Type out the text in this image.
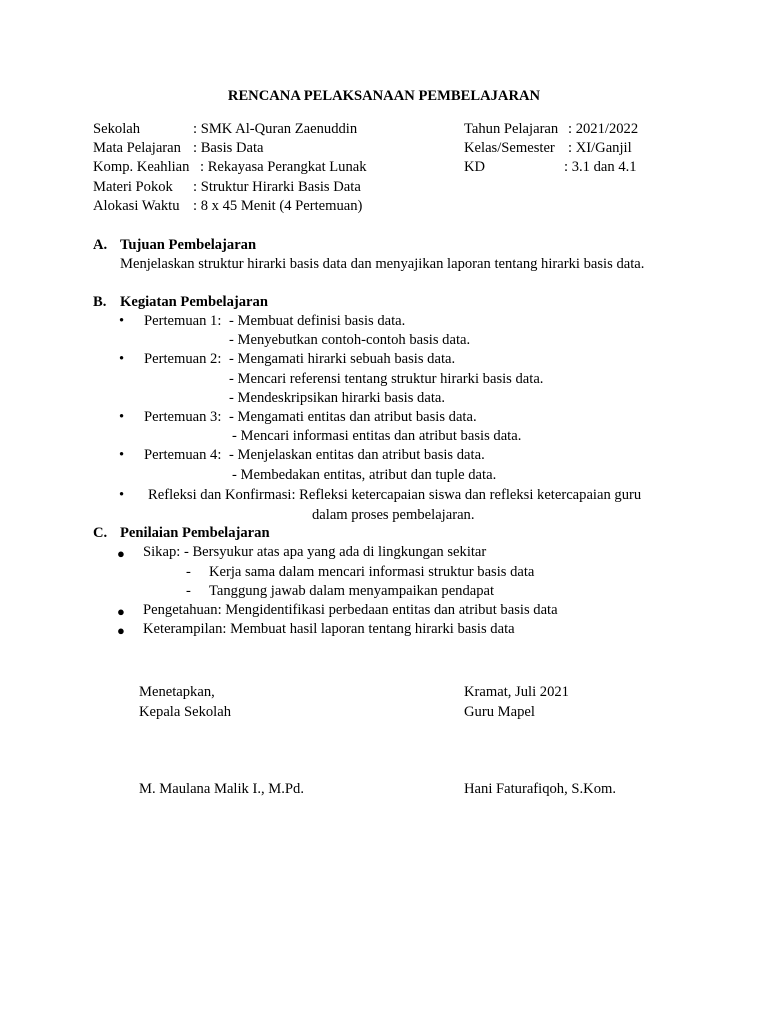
RENCANA PELAKSANAAN PEMBELAJARAN
Sekolah	: SMK Al-Quran Zaenuddin
Mata Pelajaran : Basis Data
Komp. Keahlian : Rekayasa Perangkat Lunak
Materi Pokok : Struktur Hirarki Basis Data
Alokasi Waktu : 8 x 45 Menit (4 Pertemuan)
Tahun Pelajaran : 2021/2022
Kelas/Semester : XI/Ganjil
KD	: 3.1 dan 4.1
A. Tujuan Pembelajaran
Menjelaskan struktur hirarki basis data dan menyajikan laporan tentang hirarki basis data.
B. Kegiatan Pembelajaran
• Pertemuan 1: - Membuat definisi basis data.
- Menyebutkan contoh-contoh basis data.
• Pertemuan 2: - Mengamati hirarki sebuah basis data.
- Mencari referensi tentang struktur hirarki basis data.
- Mendeskripsikan hirarki basis data.
• Pertemuan 3: - Mengamati entitas dan atribut basis data.
- Mencari informasi entitas dan atribut basis data.
• Pertemuan 4: - Menjelaskan entitas dan atribut basis data.
- Membedakan entitas, atribut dan tuple data.
• Refleksi dan Konfirmasi: Refleksi ketercapaian siswa dan refleksi ketercapaian guru
dalam proses pembelajaran.
C. Penilaian Pembelajaran
● Sikap: - Bersyukur atas apa yang ada di lingkungan sekitar
- Kerja sama dalam mencari informasi struktur basis data
- Tanggung jawab dalam menyampaikan pendapat
● Pengetahuan: Mengidentifikasi perbedaan entitas dan atribut basis data
● Keterampilan: Membuat hasil laporan tentang hirarki basis data
Menetapkan,
Kepala Sekolah
M. Maulana Malik I., M.Pd.
Kramat, Juli 2021
Guru Mapel
Hani Faturafiqoh, S.Kom.
